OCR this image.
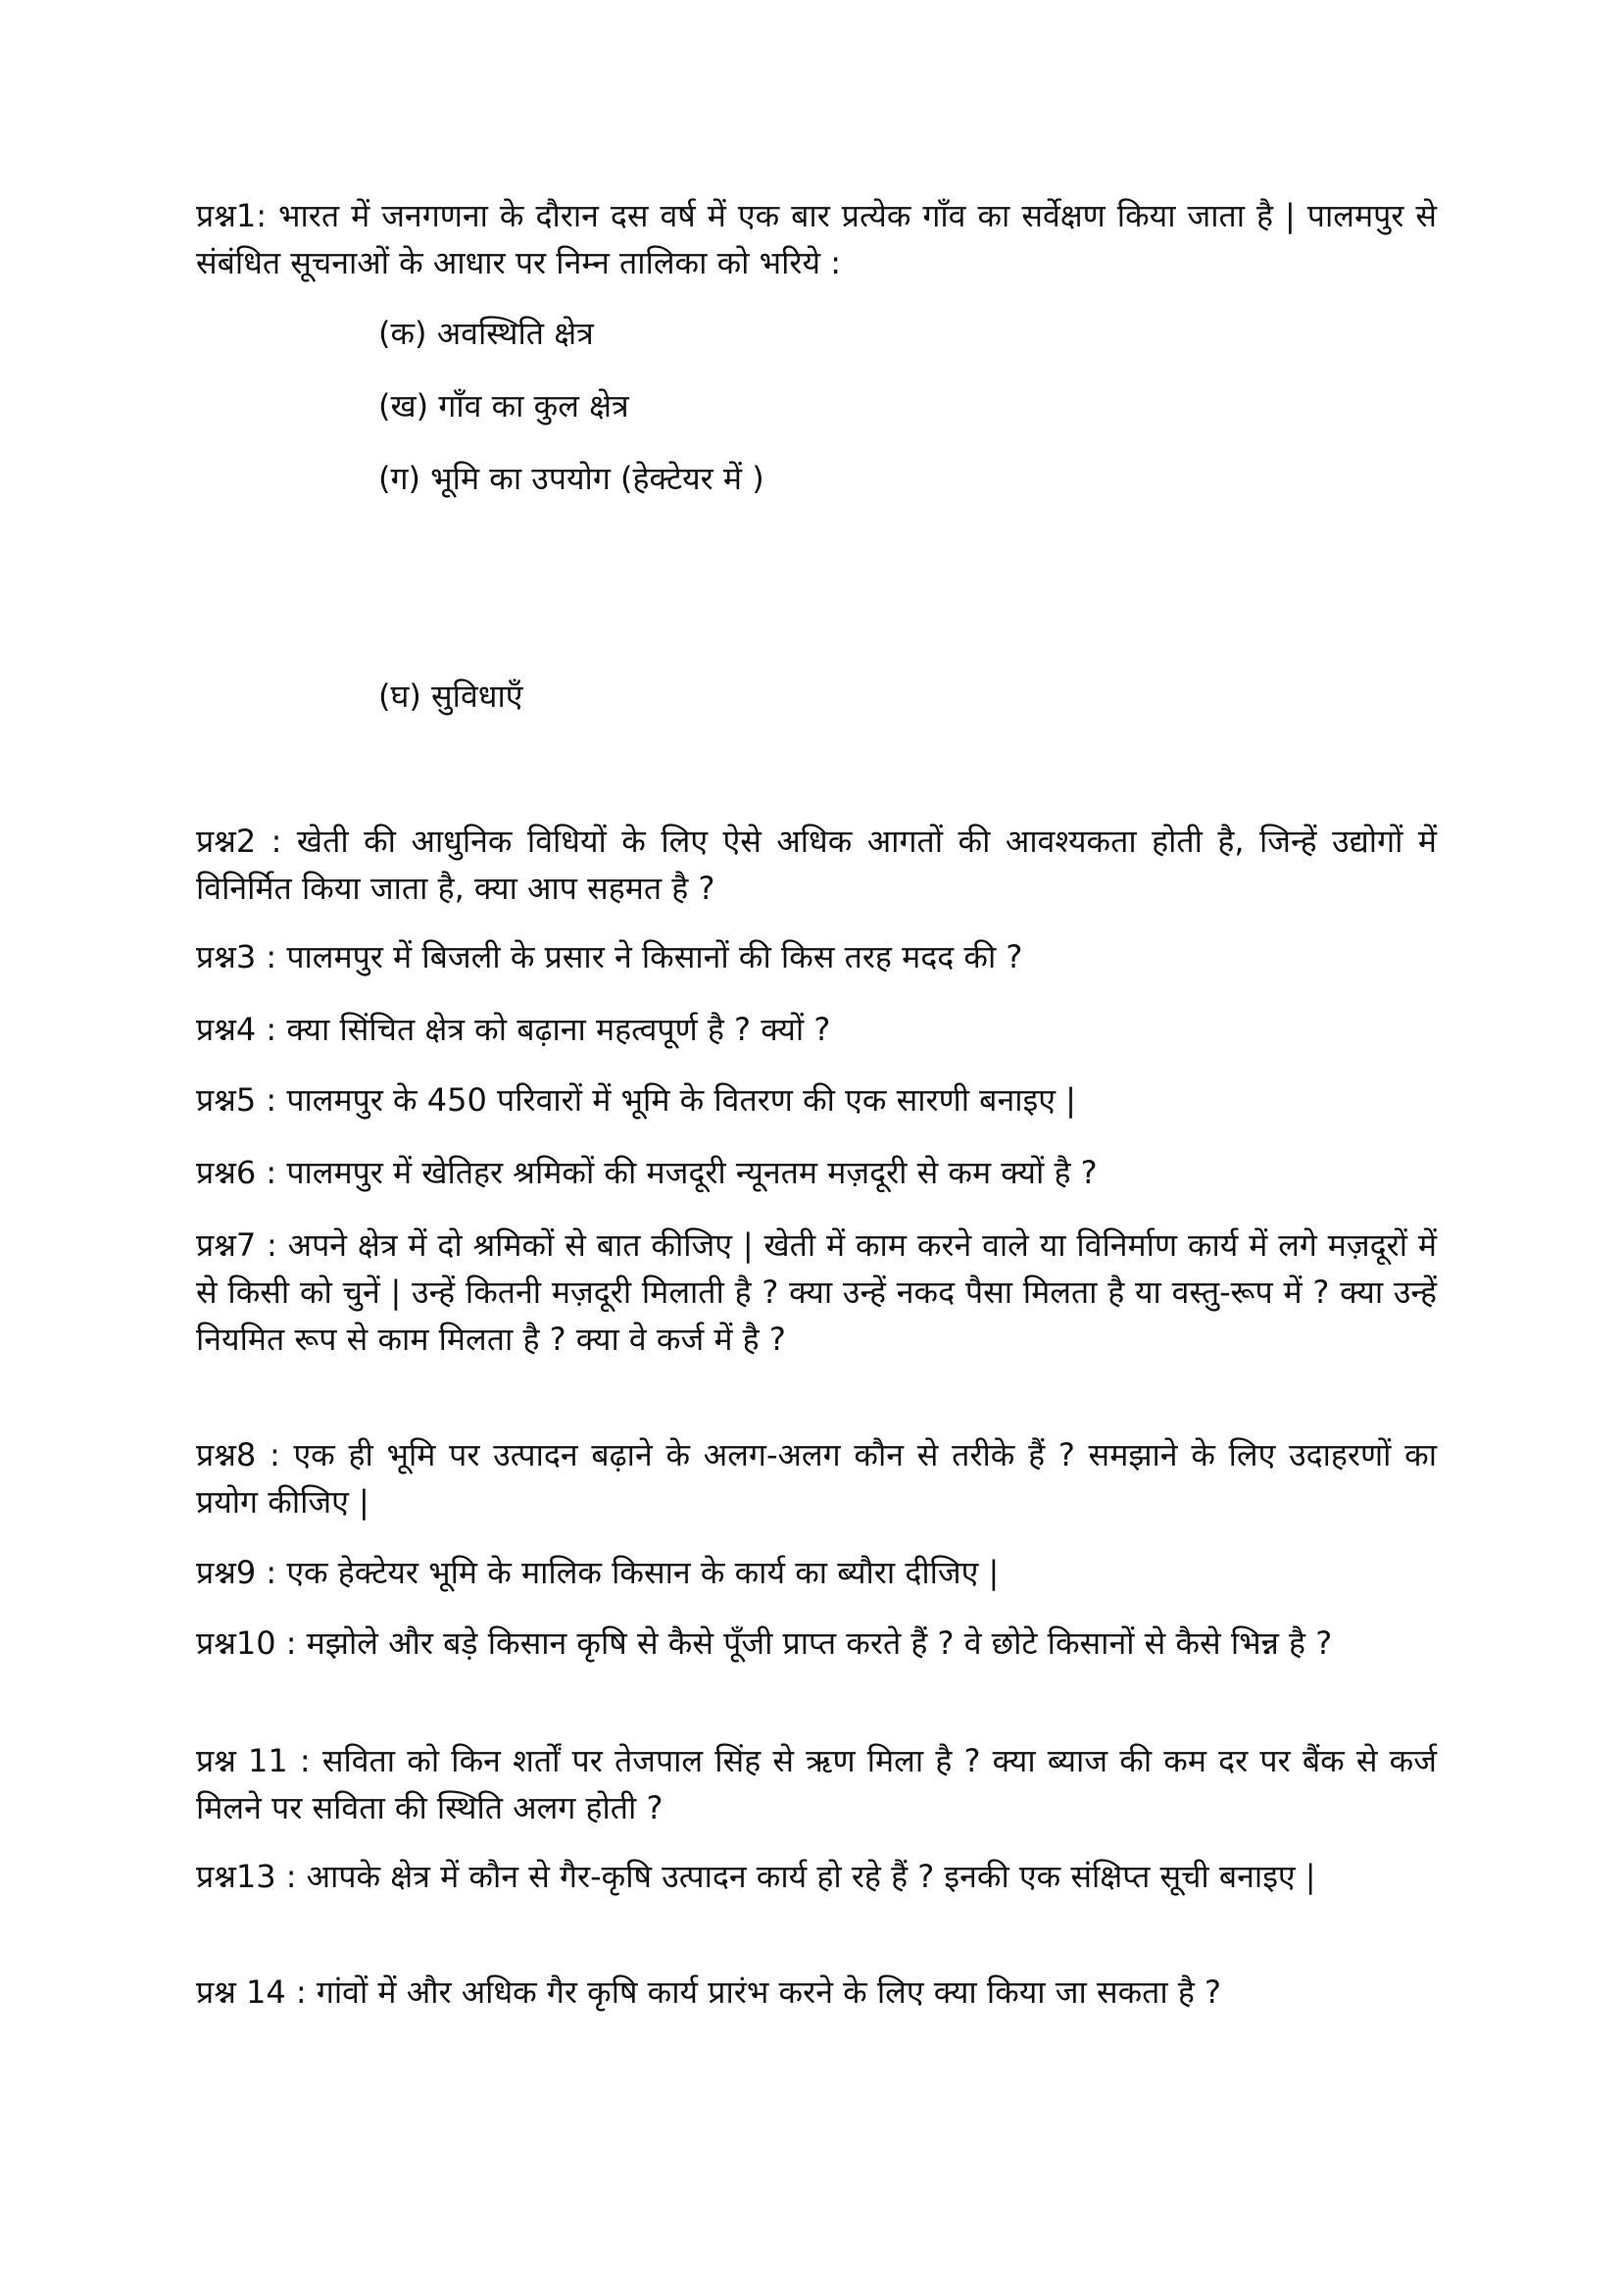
प्रश्न1: भारत में जनगणना के दौरान दस वर्ष में एक बार प्रत्येक गाँव का सर्वेक्षण किया जाता है | पालमपुर से संबंधित सूचनाओं के आधार पर निम्न तालिका को भरिये :

(क) अवस्थिति क्षेत्र
(ख) गाँव का कुल क्षेत्र
(ग) भूमि का उपयोग (हेक्टेयर में )
(घ) सुविधाएँ

प्रश्न2 : खेती की आधुनिक विधियों के लिए ऐसे अधिक आगतों की आवश्यकता होती है, जिन्हें उद्योगों में विनिर्मित किया जाता है, क्या आप सहमत है ?

प्रश्न3 : पालमपुर में बिजली के प्रसार ने किसानों की किस तरह मदद की ?

प्रश्न4 : क्या सिंचित क्षेत्र को बढ़ाना महत्वपूर्ण है ? क्यों ?

प्रश्न5 : पालमपुर के 450 परिवारों में भूमि के वितरण की एक सारणी बनाइए |

प्रश्न6 : पालमपुर में खेतिहर श्रमिकों की मजदूरी न्यूनतम मज़दूरी से कम क्यों है ?

प्रश्न7 : अपने क्षेत्र में दो श्रमिकों से बात कीजिए | खेती में काम करने वाले या विनिर्माण कार्य में लगे मज़दूरों में से किसी को चुनें | उन्हें कितनी मज़दूरी मिलाती है ? क्या उन्हें नकद पैसा मिलता है या वस्तु-रूप में ? क्या उन्हें नियमित रूप से काम मिलता है ? क्या वे कर्ज में है ?

प्रश्न8 : एक ही भूमि पर उत्पादन बढ़ाने के अलग-अलग कौन से तरीके हैं ? समझाने के लिए उदाहरणों का प्रयोग कीजिए |

प्रश्न9 : एक हेक्टेयर भूमि के मालिक किसान के कार्य का ब्यौरा दीजिए |

प्रश्न10 : मझोले और बड़े किसान कृषि से कैसे पूँजी प्राप्त करते हैं ? वे छोटे किसानों से कैसे भिन्न है ?

प्रश्न 11 : सविता को किन शर्तों पर तेजपाल सिंह से ऋण मिला है ? क्या ब्याज की कम दर पर बैंक से कर्ज मिलने पर सविता की स्थिति अलग होती ?

प्रश्न13 : आपके क्षेत्र में कौन से गैर-कृषि उत्पादन कार्य हो रहे हैं ? इनकी एक संक्षिप्त सूची बनाइए |

प्रश्न 14 : गांवों में और अधिक गैर कृषि कार्य प्रारंभ करने के लिए क्या किया जा सकता है ?
